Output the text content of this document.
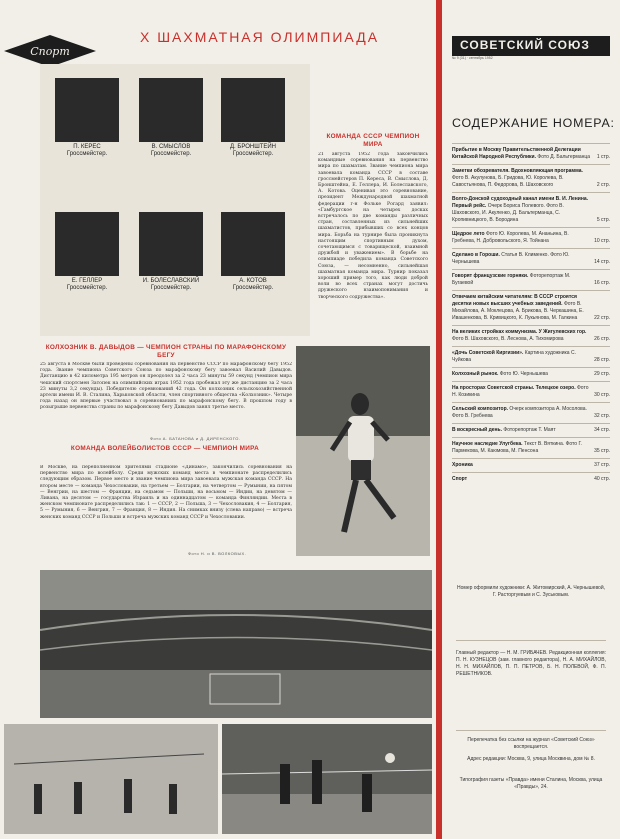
Спорт
X ШАХМАТНАЯ ОЛИМПИАДА
П. КЕРЕС
Гроссмейстер.
В. СМЫСЛОВ
Гроссмейстер.
Д. БРОНШТЕЙН
Гроссмейстер.
Е. ГЕЛЛЕР
Гроссмейстер.
И. БОЛЕСЛАВСКИЙ
Гроссмейстер.
А. КОТОВ
Гроссмейстер.
КОМАНДА СССР ЧЕМПИОН МИРА
21 августа 1952 года закончились командные соревнования на первенство мира по шахматам. Звание чемпиона мира завоевала команда СССР в составе гроссмейстеров П. Кереса, В. Смыслова, Д. Бронштейна, Е. Геллера, И. Болеславского, А. Котова. Оценивая это соревнование, президент Международной шахматной федерации г-н Фольке Рогард заявил: «Гамбургское на четырех досках встречалось по две команды различных стран, составленных из сильнейших шахматистов, прибывших со всех концов мира. Борьба на турнире была проникнута настоящим спортивным духом, сочетающимся с товарищеской, взаимной дружбой и уважением». В борьбе на олимпиаде победила команда Советского Союза, — несомненно, сильнейшая шахматная команда мира. Турнир показал хороший пример того, как люди доброй воли во всех странах могут достичь дружеского взаимопонимания и творческого содружества».
КОЛХОЗНИК В. ДАВЫДОВ — ЧЕМПИОН СТРАНЫ ПО МАРАФОНСКОМУ БЕГУ
25 августа в Москве были проведены соревнования на первенство СССР по марафонскому бегу 1952 года. Звание чемпиона Советского Союза по марафонскому бегу завоевал Василий Давыдов. Дистанцию в 42 километра 195 метров он преодолел за 2 часа 23 минуты 59 секунд (чемпион мира чешский спортсмен Затопек на олимпийских играх 1952 года пробежал эту же дистанцию за 2 часа 23 минуты 3,2 секунды). Победителю соревнований 42 года. Он колхозник сельскохозяйственной артели имени И. В. Сталина, Харьковской области, член спортивного общества «Колхозник». Четыре года назад он впервые участвовал в соревнованиях по марафонскому бегу. В прошлом году в розыгрыше первенства страны по марафонскому бегу Давыдов занял третье место.
Фото А. БАТАНОВА и Д. ДИРЕНСКОГО.
КОМАНДА ВОЛЕЙБОЛИСТОВ СССР — ЧЕМПИОН МИРА
В Москве, на переполненном зрителями стадионе «Динамо», закончились соревнования на первенство мира по волейболу. Среди мужских команд места в чемпионате распределились следующим образом. Первое место и звание чемпиона мира завоевала мужская команда СССР. На втором месте — команда Чехословакии, на третьем — Болгарии, на четвертом — Румынии, на пятом — Венгрии, на шестом — Франции, на седьмом — Польши, на восьмом — Индии, на девятом — Ливана, на десятом — государства Израиль и на одиннадцатом — команда Финляндии. Места в женском чемпионате распределились так: 1 — СССР, 2 — Польша, 3 — Чехословакия, 4 — Болгария, 5 — Румыния, 6 — Венгрия, 7 — Франция, 8 — Индия. На снимках внизу (слева направо) — встреча женских команд СССР и Польши и встреча мужских команд СССР и Чехословакии.
Фото Н. и В. ВОЛКОВЫХ.
СОВЕТСКИЙ СОЮЗ
№ 9 (31) · сентябрь 1952
СОДЕРЖАНИЕ НОМЕРА:
Прибытие в Москву Правительственной Делегации Китайской Народной Республики. Фото Д. Бальтерманца 1 стр.
Заметки обозревателя. Вдохновляющая программа. Фото В. Акулунова, Б. Гридова, Ю. Королева, В. Савостьянова, П. Федорова, В. Шаховского	2 стр.
Волго-Донской судоходный канал имени В. И. Ленина. Первый рейс. Очерк Бориса Полевого. Фото В. Шаховского, И. Акуленко, Д. Бальтерманца, С. Кропивницкого, В. Бородина	5 стр.
Щедрое лето Фото Ю. Королева, М. Ананьина, В. Гребнева, Н. Добровольского, Я. Тойнана	10 стр.
Сделано в Гороши. Статья В. Клименко. Фото Ю. Чернышева	14 стр.
Говорят французские горняки. Фоторепортаж М. Бугаевой	16 стр.
Отвечаем китайским читателям: В СССР строятся десятки новых высших учебных заведений. Фото В. Михайлова, А. Моклецова, А. Брикова, В. Черкашина, Е. Ивашенкова, В. Кривицкого, К. Лукьянова, М. Галкина	22 стр.
На великих стройках коммунизма. У Жигулевских гор. Фото В. Шаховского, В. Леснова, А. Тихомирова	26 стр.
«Дочь Советской Киргизии». Картина художника С. Чуйкова	28 стр.
Колхозный рынок. Фото Ю. Чернышева	29 стр.
На просторах Советской страны. Телецкое озеро. Фото Н. Козикина	30 стр.
Сельский композитор. Очерк композитора А. Мосолова. Фото В. Гребнева	32 стр.
В воскресный день. Фоторепортаж Т. Маят	34 стр.
Научное наследие Улугбека. Текст В. Вяткина. Фото Г. Пармекова, М. Каюмова, М. Пенсона	35 стр.
Хроника	37 стр.
Спорт	40 стр.
Номер оформили художники: А. Житомирский, А. Чернышевой, Г. Расторгуевым и С. Зуськовым.
Главный редактор — Н. М. ГРИБАЧЕВ. Редакционная коллегия: П. Н. КУЗНЕЦОВ (зам. главного редактора), Н. А. МИХАЙЛОВ, Н. Н. МИХАЙЛОВ, П. П. ПЕТРОВ, Б. Н. ПОЛЕВОЙ, Ф. П. РЕШЕТНИКОВ.
Перепечатка без ссылки на журнал «Советский Союз» воспрещается.
Адрес редакции: Москва, 9, улица Москвина, дом № 8.
Типография газеты «Правда» имени Сталина, Москва, улица «Правды», 24.
